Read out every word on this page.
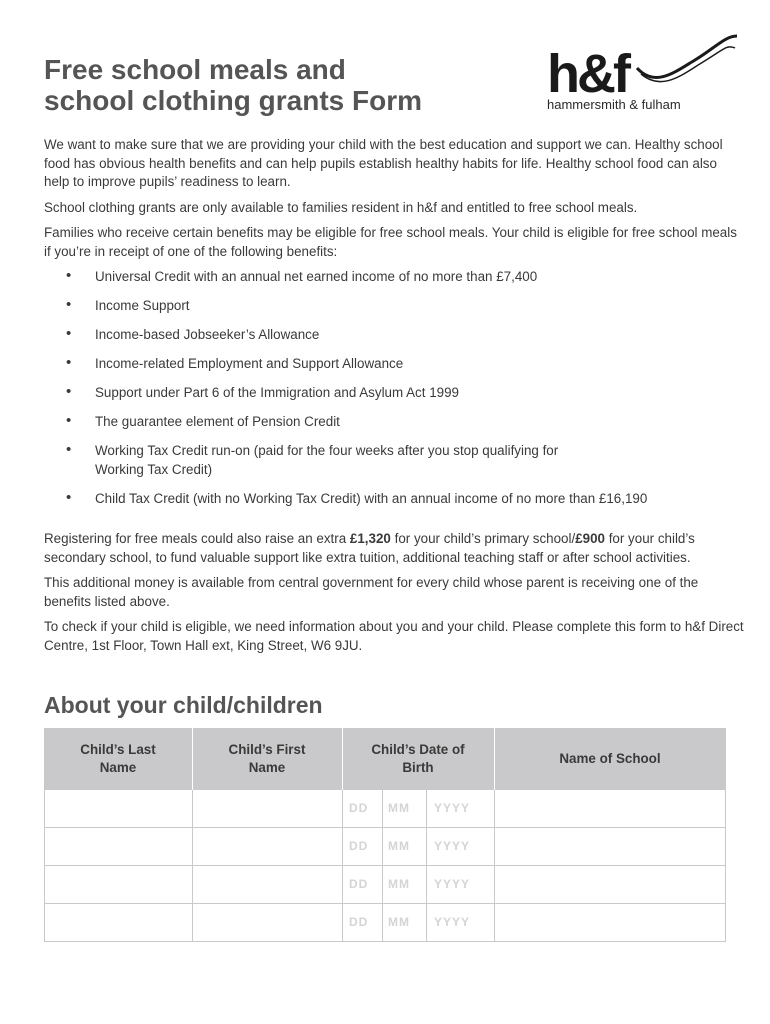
Free school meals and
school clothing grants Form h&f
hammersmith & fulham

We want to make sure that we are providing your child with the best education and support we can. Healthy school food has obvious health benefits and can help pupils establish healthy habits for life. Healthy school food can also help to improve pupils’ readiness to learn.

School clothing grants are only available to families resident in h&f and entitled to free school meals.

Families who receive certain benefits may be eligible for free school meals. Your child is eligible for free school meals if you’re in receipt of one of the following benefits:

• Universal Credit with an annual net earned income of no more than £7,400
• Income Support
• Income-based Jobseeker’s Allowance
• Income-related Employment and Support Allowance
• Support under Part 6 of the Immigration and Asylum Act 1999
• The guarantee element of Pension Credit
• Working Tax Credit run-on (paid for the four weeks after you stop qualifying for Working Tax Credit)
• Child Tax Credit (with no Working Tax Credit) with an annual income of no more than £16,190

Registering for free meals could also raise an extra £1,320 for your child’s primary school/£900 for your child’s secondary school, to fund valuable support like extra tuition, additional teaching staff or after school activities.

This additional money is available from central government for every child whose parent is receiving one of the benefits listed above.

To check if your child is eligible, we need information about you and your child. Please complete this form to h&f Direct Centre, 1st Floor, Town Hall ext, King Street, W6 9JU.

About your child/children
Child’s Last Name
Child’s First Name
Child’s Date of Birth
Name of School
DD MM YYYY
DD MM YYYY
DD MM YYYY
DD MM YYYY
